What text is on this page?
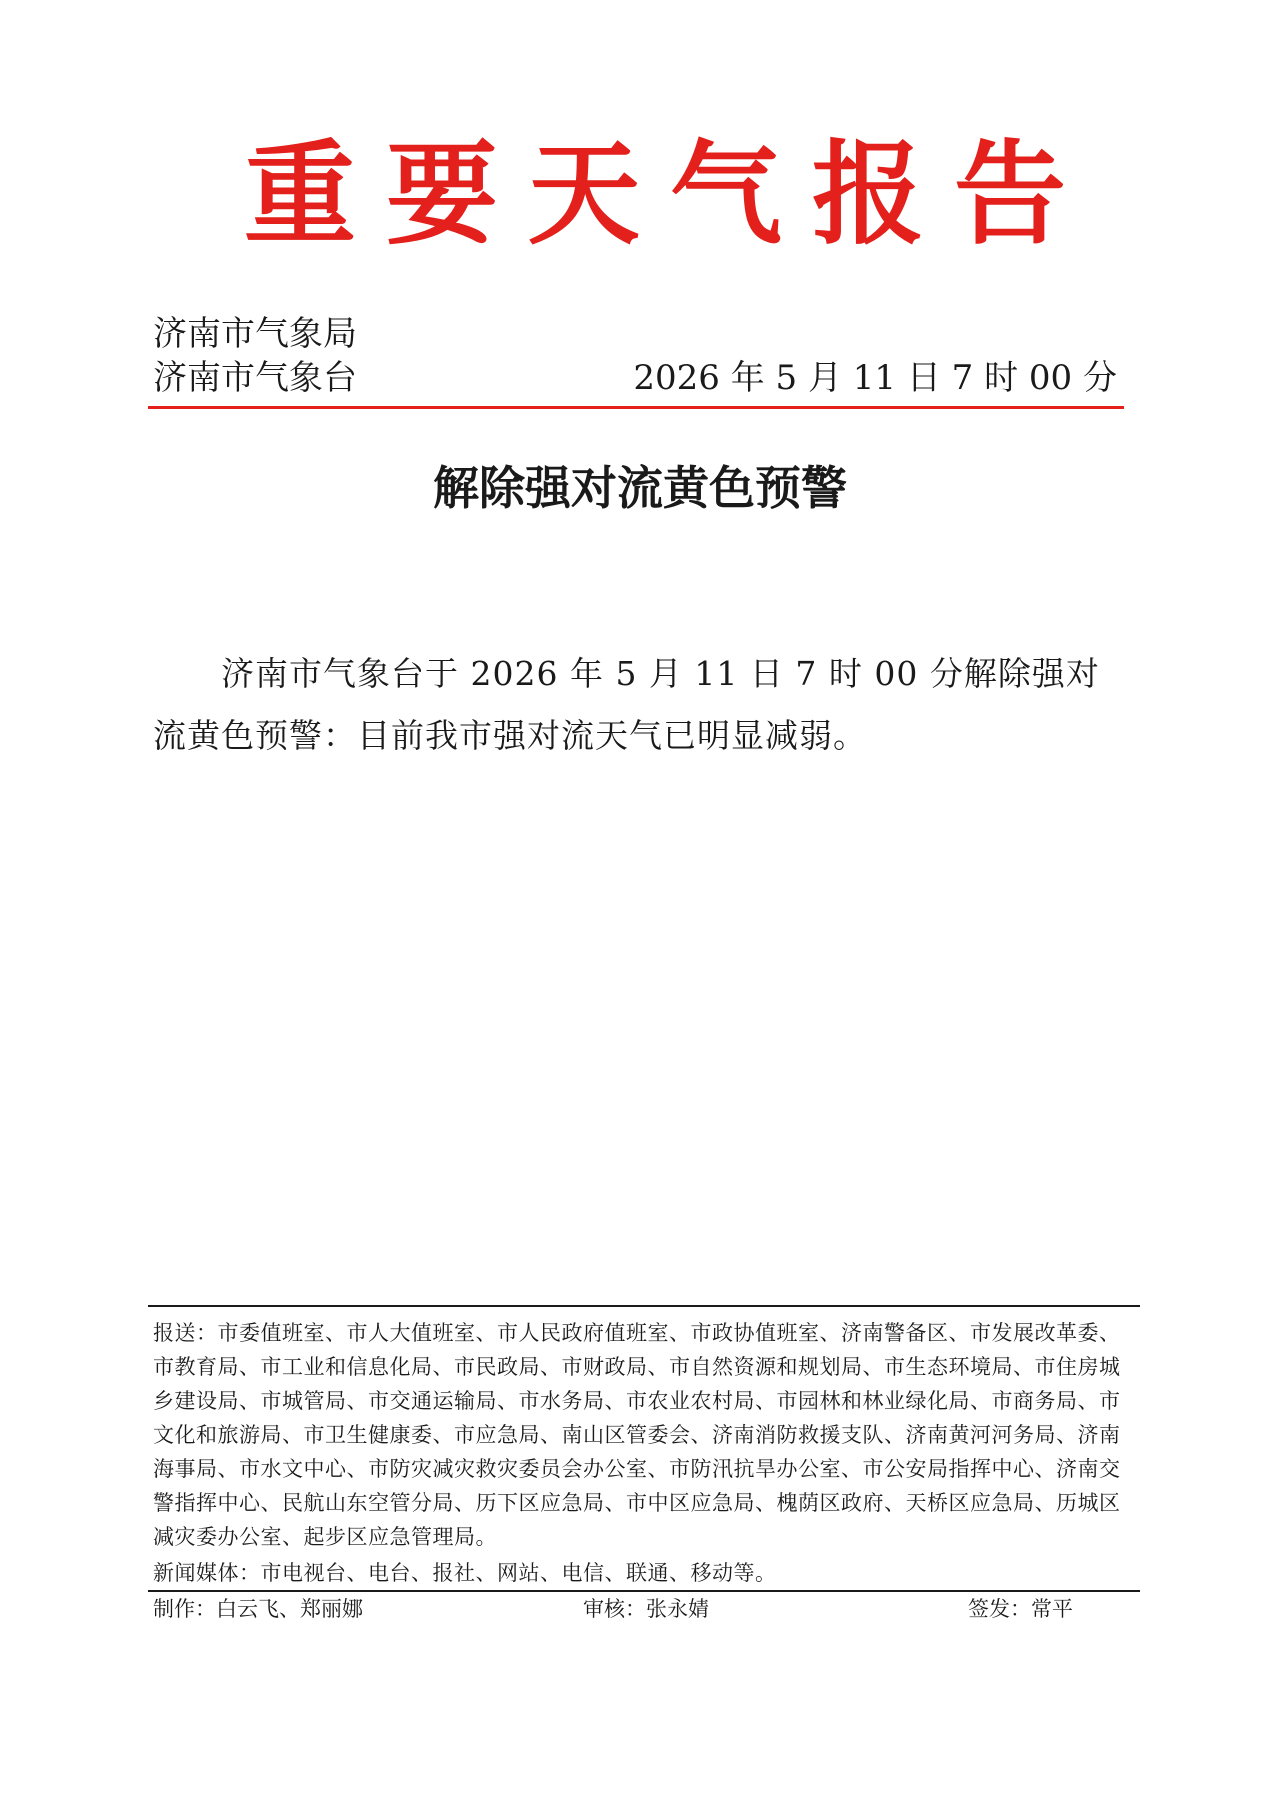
重要天气报告
济南市气象局
济南市气象台	2026 年 5 月 11 日 7 时 00 分
解除强对流黄色预警
济南市气象台于 2026 年 5 月 11 日 7 时 00 分解除强对流黄色预警：目前我市强对流天气已明显减弱。
报送：市委值班室、市人大值班室、市人民政府值班室、市政协值班室、济南警备区、市发展改革委、市教育局、市工业和信息化局、市民政局、市财政局、市自然资源和规划局、市生态环境局、市住房城乡建设局、市城管局、市交通运输局、市水务局、市农业农村局、市园林和林业绿化局、市商务局、市文化和旅游局、市卫生健康委、市应急局、南山区管委会、济南消防救援支队、济南黄河河务局、济南海事局、市水文中心、市防灾减灾救灾委员会办公室、市防汛抗旱办公室、市公安局指挥中心、济南交警指挥中心、民航山东空管分局、历下区应急局、市中区应急局、槐荫区政府、天桥区应急局、历城区减灾委办公室、起步区应急管理局。
新闻媒体：市电视台、电台、报社、网站、电信、联通、移动等。
制作：白云飞、郑丽娜	审核：张永婧	签发：常平
